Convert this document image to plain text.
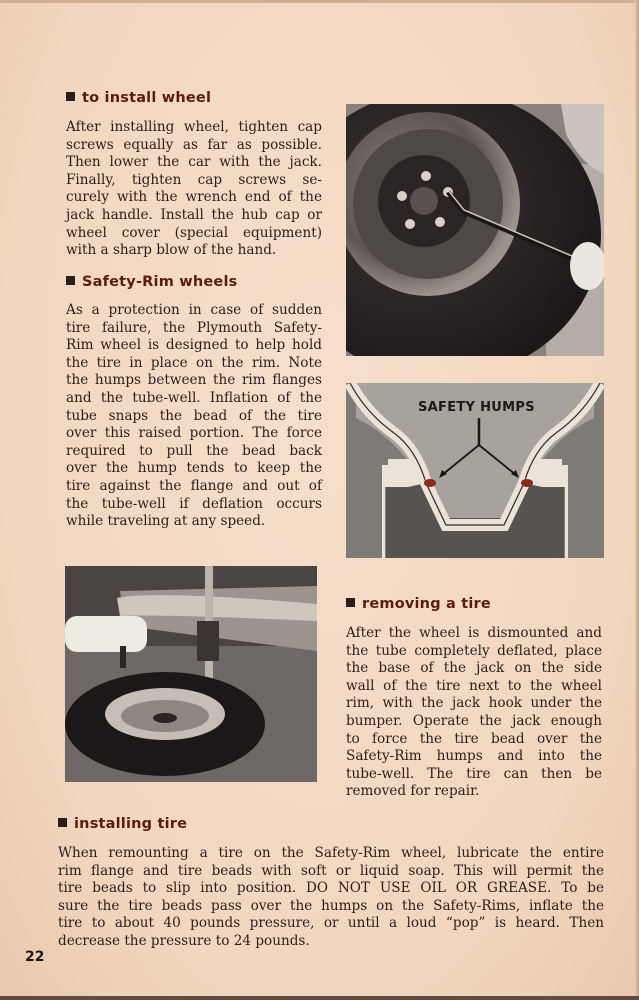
to install wheel
After installing wheel, tighten cap
screws equally as far as possible.
Then lower the car with the jack.
Finally, tighten cap screws se-
curely with the wrench end of the
jack handle. Install the hub cap or
wheel cover (special equipment)
with a sharp blow of the hand.
Safety-Rim wheels
As a protection in case of sudden
tire failure, the Plymouth Safety-
Rim wheel is designed to help hold
the tire in place on the rim. Note
the humps between the rim flanges
and the tube-well. Inflation of the
tube snaps the bead of the tire
over this raised portion. The force
required to pull the bead back
over the hump tends to keep the
tire against the flange and out of
the tube-well if deflation occurs
while traveling at any speed.
SAFETY HUMPS
removing a tire
After the wheel is dismounted and
the tube completely deflated, place
the base of the jack on the side
wall of the tire next to the wheel
rim, with the jack hook under the
bumper. Operate the jack enough
to force the tire bead over the
Safety-Rim humps and into the
tube-well. The tire can then be
removed for repair.
installing tire
When remounting a tire on the Safety-Rim wheel, lubricate the entire
rim flange and tire beads with soft or liquid soap. This will permit the
tire beads to slip into position. DO NOT USE OIL OR GREASE. To be
sure the tire beads pass over the humps on the Safety-Rims, inflate the
tire to about 40 pounds pressure, or until a loud “pop” is heard. Then
decrease the pressure to 24 pounds.
22
